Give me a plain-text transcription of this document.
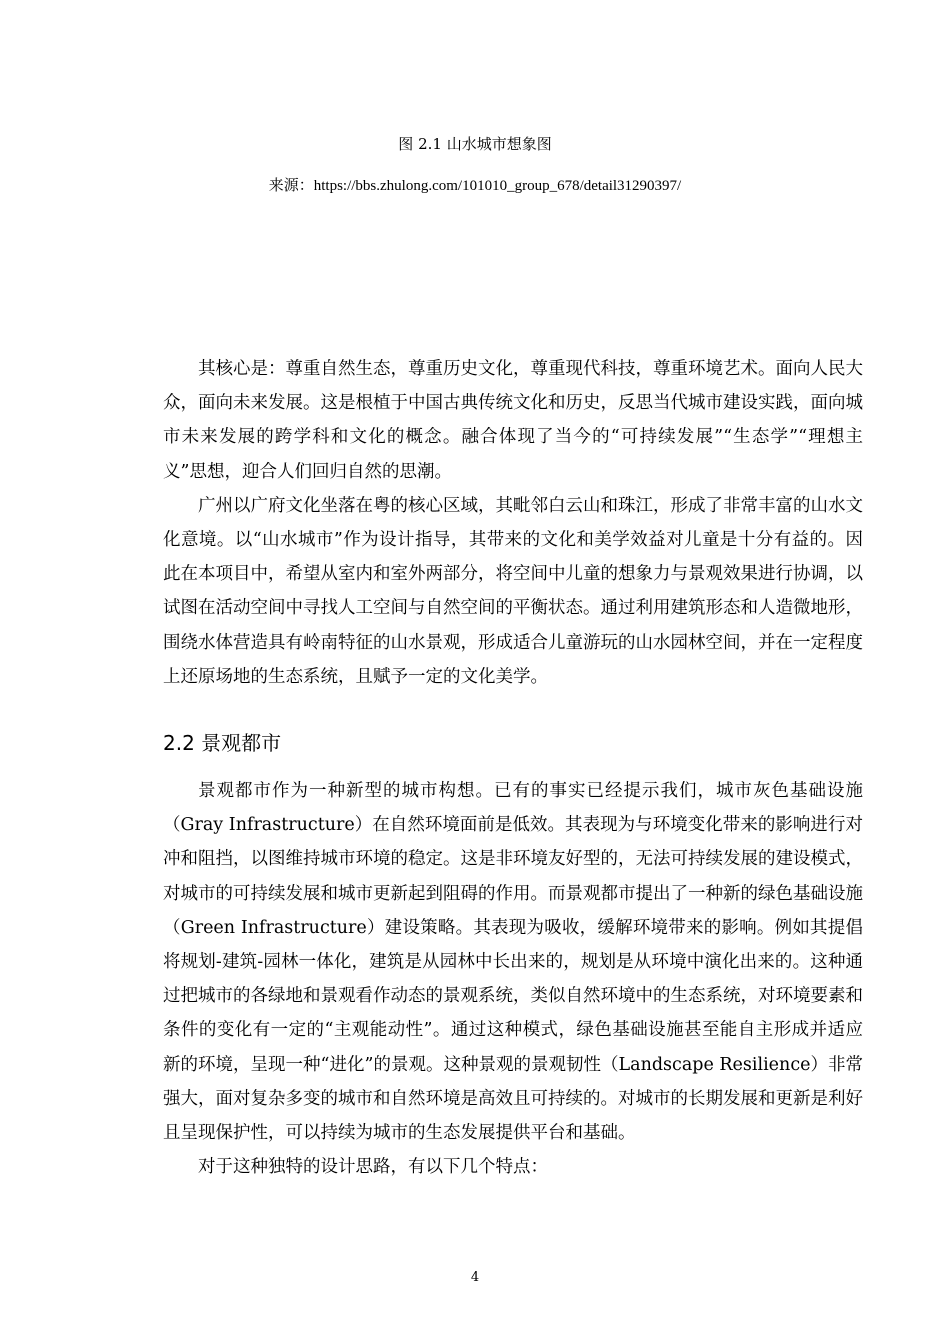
图 2.1 山水城市想象图
来源：https://bbs.zhulong.com/101010_group_678/detail31290397/

其核心是：尊重自然生态，尊重历史文化，尊重现代科技，尊重环境艺术。面向人民大众，面向未来发展。这是根植于中国古典传统文化和历史，反思当代城市建设实践，面向城市未来发展的跨学科和文化的概念。融合体现了当今的“可持续发展”“生态学”“理想主义”思想，迎合人们回归自然的思潮。

广州以广府文化坐落在粤的核心区域，其毗邻白云山和珠江，形成了非常丰富的山水文化意境。以“山水城市”作为设计指导，其带来的文化和美学效益对儿童是十分有益的。因此在本项目中，希望从室内和室外两部分，将空间中儿童的想象力与景观效果进行协调，以试图在活动空间中寻找人工空间与自然空间的平衡状态。通过利用建筑形态和人造微地形，围绕水体营造具有岭南特征的山水景观，形成适合儿童游玩的山水园林空间，并在一定程度上还原场地的生态系统，且赋予一定的文化美学。

2.2 景观都市

景观都市作为一种新型的城市构想。已有的事实已经提示我们，城市灰色基础设施（Gray Infrastructure）在自然环境面前是低效。其表现为与环境变化带来的影响进行对冲和阻挡，以图维持城市环境的稳定。这是非环境友好型的，无法可持续发展的建设模式，对城市的可持续发展和城市更新起到阻碍的作用。而景观都市提出了一种新的绿色基础设施（Green Infrastructure）建设策略。其表现为吸收，缓解环境带来的影响。例如其提倡将规划-建筑-园林一体化，建筑是从园林中长出来的，规划是从环境中演化出来的。这种通过把城市的各绿地和景观看作动态的景观系统，类似自然环境中的生态系统，对环境要素和条件的变化有一定的“主观能动性”。通过这种模式，绿色基础设施甚至能自主形成并适应新的环境，呈现一种“进化”的景观。这种景观的景观韧性（Landscape Resilience）非常强大，面对复杂多变的城市和自然环境是高效且可持续的。对城市的长期发展和更新是利好且呈现保护性，可以持续为城市的生态发展提供平台和基础。

对于这种独特的设计思路，有以下几个特点：

4
